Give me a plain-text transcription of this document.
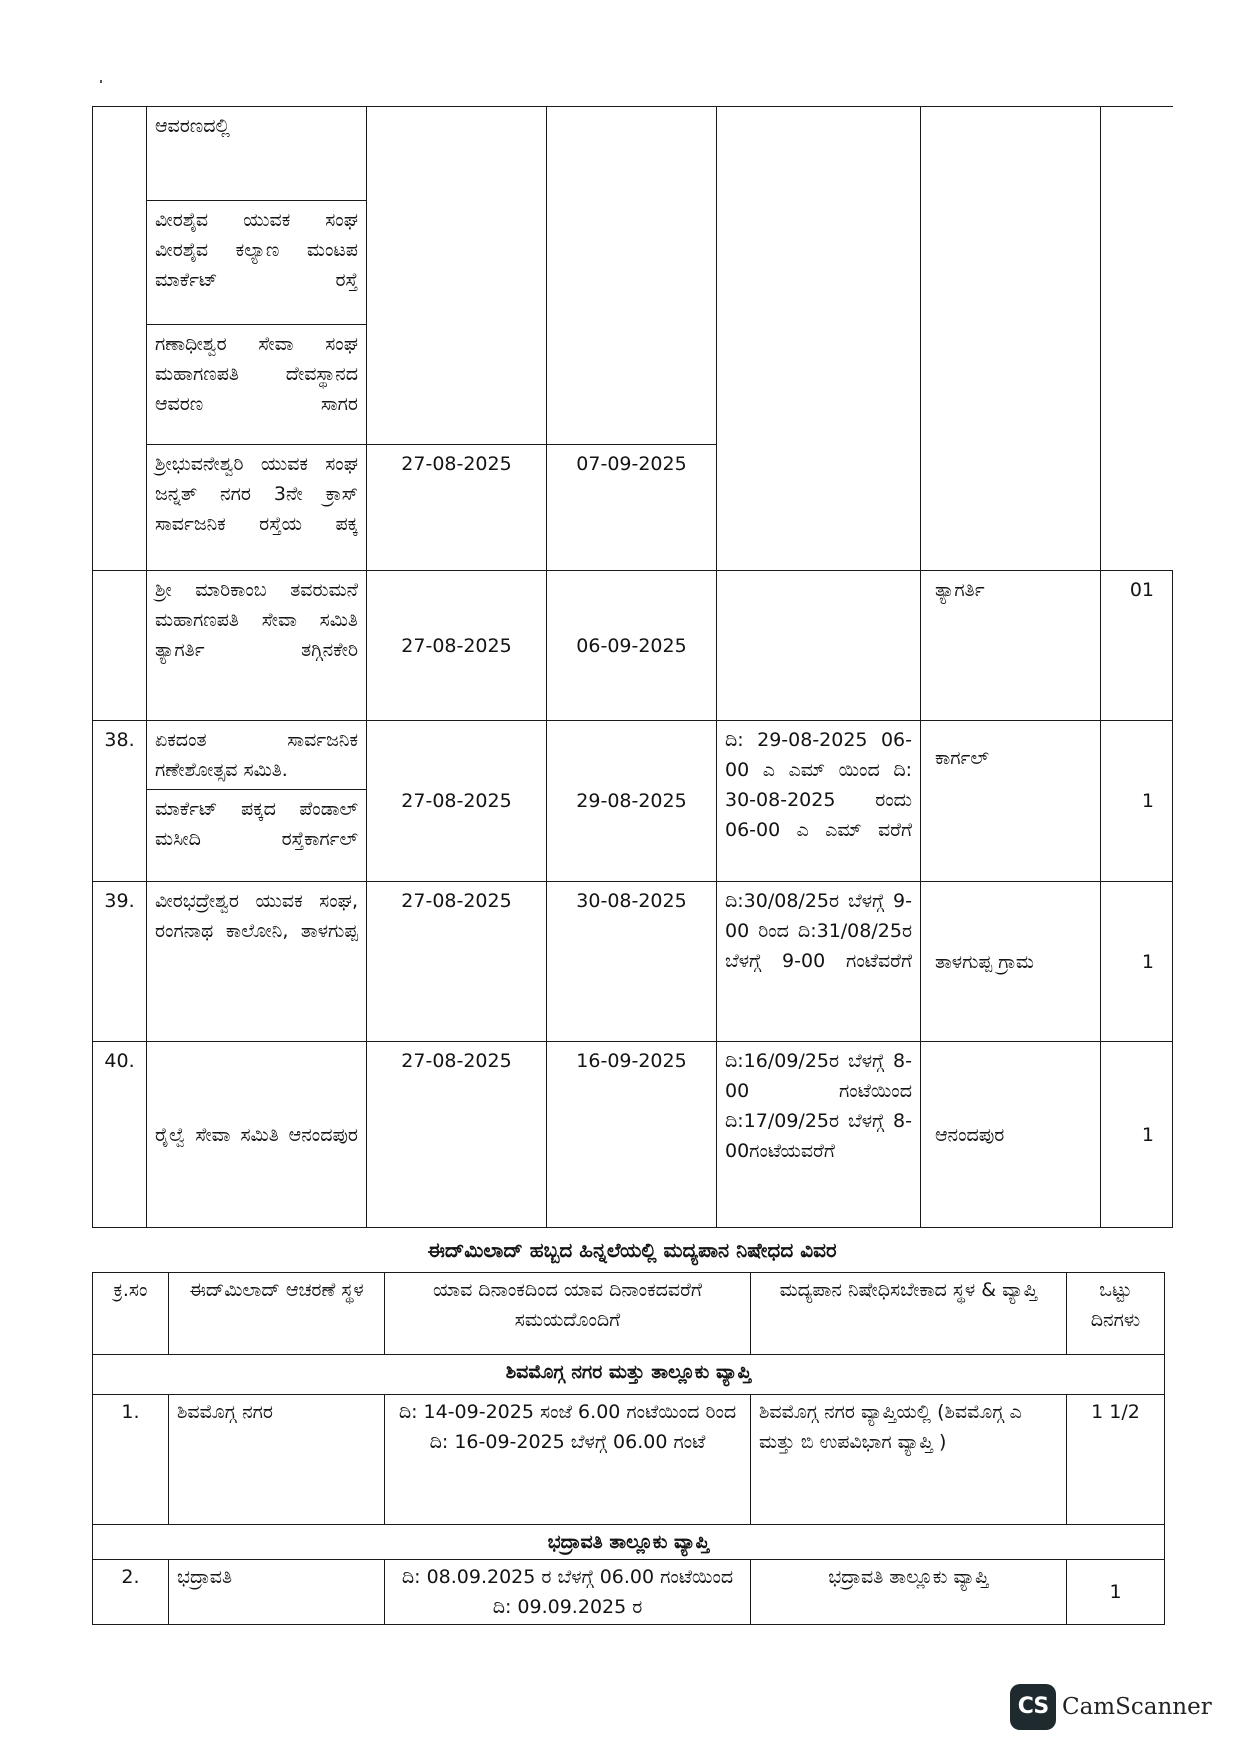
	ಆವರಣದಲ್ಲಿ					
	ವೀರಶೈವ ಯುವಕ ಸಂಘ ವೀರಶೈವ ಕಲ್ಯಾಣ ಮಂಟಪ ಮಾರ್ಕೆಟ್ ರಸ್ತೆ					
	ಗಣಾಧೀಶ್ವರ ಸೇವಾ ಸಂಘ ಮಹಾಗಣಪತಿ ದೇವಸ್ಥಾನದ ಆವರಣ ಸಾಗರ					
	ಶ್ರೀಭುವನೇಶ್ವರಿ ಯುವಕ ಸಂಘ ಜನ್ನತ್ ನಗರ 3ನೇ ಕ್ರಾಸ್ ಸಾರ್ವಜನಿಕ ರಸ್ತೆಯ ಪಕ್ಕ	27-08-2025	07-09-2025			
	ಶ್ರೀ ಮಾರಿಕಾಂಬ ತವರುಮನೆ ಮಹಾಗಣಪತಿ ಸೇವಾ ಸಮಿತಿ ತ್ಯಾಗರ್ತಿ ತಗ್ಗಿನಕೇರಿ	27-08-2025	06-09-2025		ತ್ಯಾಗರ್ತಿ	01
38.	ಏಕದಂತ ಸಾರ್ವಜನಿಕ ಗಣೇಶೋತ್ಸವ ಸಮಿತಿ.	27-08-2025	29-08-2025	ದಿ: 29-08-2025 06-00 ಎ ಎಮ್ ಯಿಂದ ದಿ: 30-08-2025 ರಂದು 06-00 ಎ ಎಮ್ ವರೆಗೆ	ಕಾರ್ಗಲ್	1
	ಮಾರ್ಕೆಟ್ ಪಕ್ಕದ ಪೆಂಡಾಲ್ ಮಸೀದಿ ರಸ್ತೆಕಾರ್ಗಲ್					
39.	ವೀರಭದ್ರೇಶ್ವರ ಯುವಕ ಸಂಘ, ರಂಗನಾಥ ಕಾಲೋನಿ, ತಾಳಗುಪ್ಪ	27-08-2025	30-08-2025	ದಿ:30/08/25ರ ಬೆಳಗ್ಗೆ 9-00 ರಿಂದ ದಿ:31/08/25ರ ಬೆಳಗ್ಗೆ 9-00 ಗಂಟೆವರೆಗೆ	ತಾಳಗುಪ್ಪ ಗ್ರಾಮ	1
40.	ರೈಲ್ವೆ ಸೇವಾ ಸಮಿತಿ ಆನಂದಪುರ	27-08-2025	16-09-2025	ದಿ:16/09/25ರ ಬೆಳಗ್ಗೆ 8-00 ಗಂಟೆಯಿಂದ ದಿ:17/09/25ರ ಬೆಳಗ್ಗೆ 8-00ಗಂಟೆಯವರೆಗೆ	ಆನಂದಪುರ	1
ಈದ್‌ಮಿಲಾದ್ ಹಬ್ಬದ ಹಿನ್ನಲೆಯಲ್ಲಿ ಮದ್ಯಪಾನ ನಿಷೇಧದ ವಿವರ
ಕ್ರ.ಸಂ	ಈದ್‌ಮಿಲಾದ್ ಆಚರಣೆ ಸ್ಥಳ	ಯಾವ ದಿನಾಂಕದಿಂದ ಯಾವ ದಿನಾಂಕದವರೆಗೆ ಸಮಯದೊಂದಿಗೆ	ಮದ್ಯಪಾನ ನಿಷೇಧಿಸಬೇಕಾದ ಸ್ಥಳ & ವ್ಯಾಪ್ತಿ	ಒಟ್ಟು ದಿನಗಳು
ಶಿವಮೊಗ್ಗ ನಗರ ಮತ್ತು ತಾಲ್ಲೂಕು ವ್ಯಾಪ್ತಿ				
1.	ಶಿವಮೊಗ್ಗ ನಗರ	ದಿ: 14-09-2025 ಸಂಜೆ 6.00 ಗಂಟೆಯಿಂದ ರಿಂದ ದಿ: 16-09-2025 ಬೆಳಗ್ಗೆ 06.00 ಗಂಟೆ	ಶಿವಮೊಗ್ಗ ನಗರ ವ್ಯಾಪ್ತಿಯಲ್ಲಿ (ಶಿವಮೊಗ್ಗ ಎ ಮತ್ತು ಬಿ ಉಪವಿಭಾಗ ವ್ಯಾಪ್ತಿ )	1 1/2
ಭದ್ರಾವತಿ ತಾಲ್ಲೂಕು ವ್ಯಾಪ್ತಿ				
2.	ಭದ್ರಾವತಿ	ದಿ: 08.09.2025 ರ ಬೆಳಗ್ಗೆ 06.00 ಗಂಟೆಯಿಂದ ದಿ: 09.09.2025 ರ	ಭದ್ರಾವತಿ ತಾಲ್ಲೂಕು ವ್ಯಾಪ್ತಿ	1
CS CamScanner
